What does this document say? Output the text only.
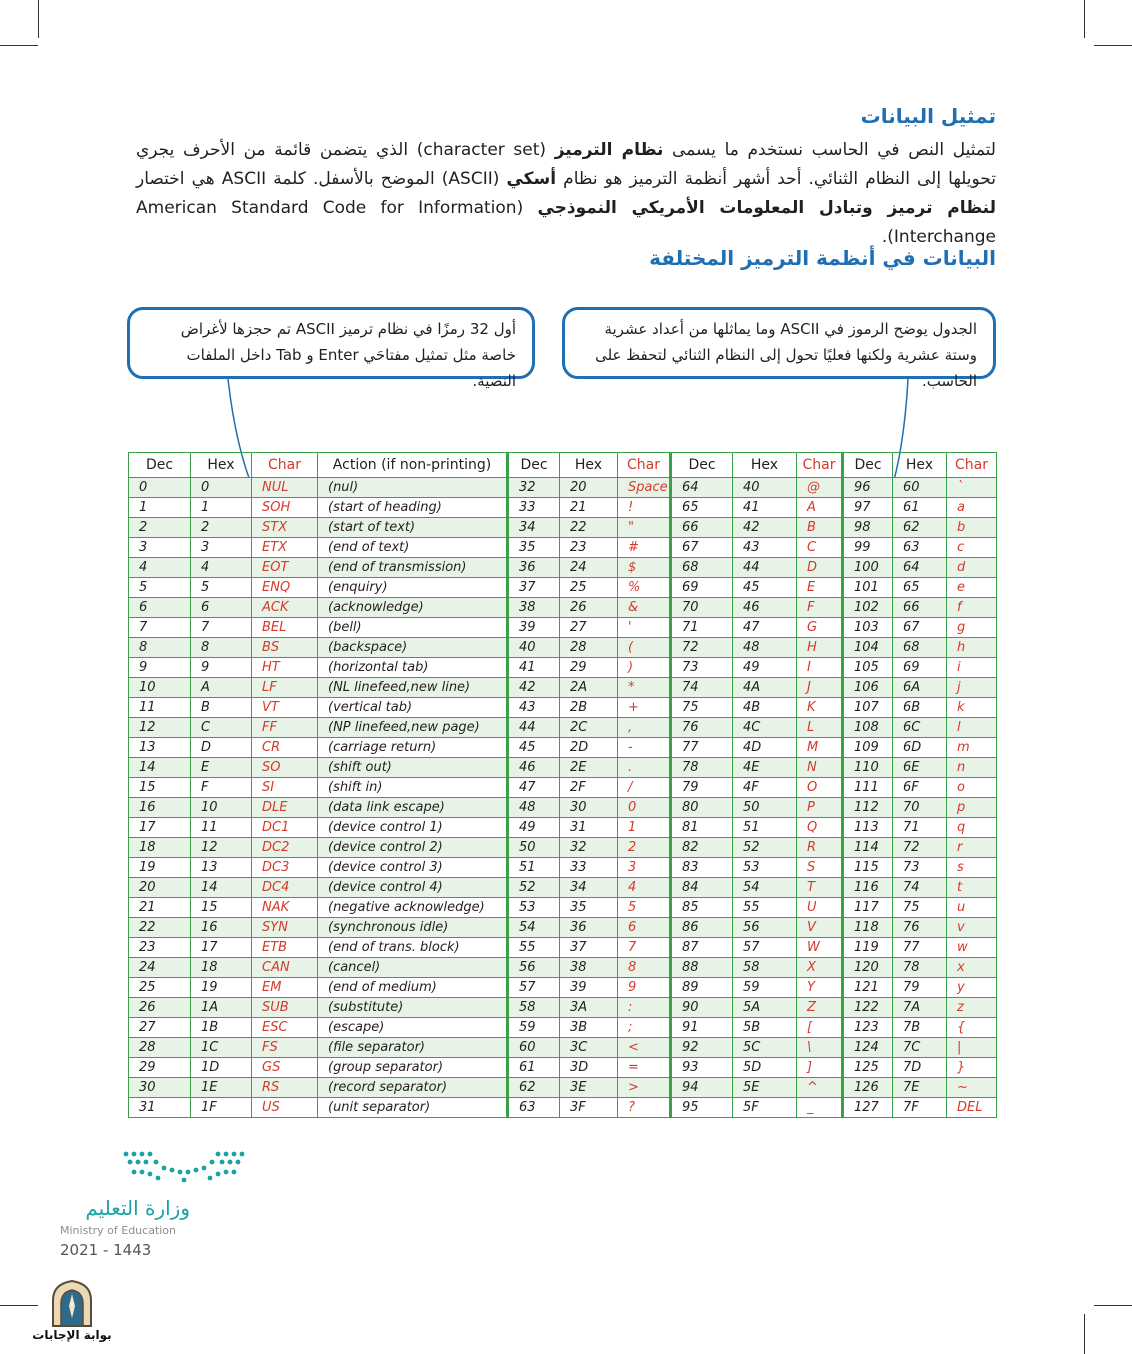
تمثيل البيانات
لتمثيل النص في الحاسب نستخدم ما يسمى نظام الترميز (character set) الذي يتضمن قائمة من الأحرف يجري تحويلها إلى النظام الثنائي. أحد أشهر أنظمة الترميز هو نظام أسكي (ASCII) الموضح بالأسفل. كلمة ASCII هي اختصار لنظام ترميز وتبادل المعلومات الأمريكي النموذجي (American Standard Code for Information Interchange).
البيانات في أنظمة الترميز المختلفة
أول 32 رمزًا في نظام ترميز ASCII تم حجزها لأغراض خاصة مثل تمثيل مفتاحَي Enter و Tab داخل الملفات النصية.
الجدول يوضح الرموز في ASCII وما يماثلها من أعداد عشرية وستة عشرية ولكنها فعليًا تحول إلى النظام الثنائي لتحفظ على الحاسب.
Dec	Hex	Char	Action (if non-printing)	Dec	Hex	Char	Dec	Hex	Char	Dec	Hex	Char
0	0	NUL	(nul)	32	20	Space	64	40	@	96	60	`
1	1	SOH	(start of heading)	33	21	!	65	41	A	97	61	a
2	2	STX	(start of text)	34	22	"	66	42	B	98	62	b
3	3	ETX	(end of text)	35	23	#	67	43	C	99	63	c
4	4	EOT	(end of transmission)	36	24	$	68	44	D	100	64	d
5	5	ENQ	(enquiry)	37	25	%	69	45	E	101	65	e
6	6	ACK	(acknowledge)	38	26	&	70	46	F	102	66	f
7	7	BEL	(bell)	39	27	'	71	47	G	103	67	g
8	8	BS	(backspace)	40	28	(	72	48	H	104	68	h
9	9	HT	(horizontal tab)	41	29	)	73	49	I	105	69	i
10	A	LF	(NL linefeed,new line)	42	2A	*	74	4A	J	106	6A	j
11	B	VT	(vertical tab)	43	2B	+	75	4B	K	107	6B	k
12	C	FF	(NP linefeed,new page)	44	2C	,	76	4C	L	108	6C	l
13	D	CR	(carriage return)	45	2D	-	77	4D	M	109	6D	m
14	E	SO	(shift out)	46	2E	.	78	4E	N	110	6E	n
15	F	SI	(shift in)	47	2F	/	79	4F	O	111	6F	o
16	10	DLE	(data link escape)	48	30	0	80	50	P	112	70	p
17	11	DC1	(device control 1)	49	31	1	81	51	Q	113	71	q
18	12	DC2	(device control 2)	50	32	2	82	52	R	114	72	r
19	13	DC3	(device control 3)	51	33	3	83	53	S	115	73	s
20	14	DC4	(device control 4)	52	34	4	84	54	T	116	74	t
21	15	NAK	(negative acknowledge)	53	35	5	85	55	U	117	75	u
22	16	SYN	(synchronous idle)	54	36	6	86	56	V	118	76	v
23	17	ETB	(end of trans. block)	55	37	7	87	57	W	119	77	w
24	18	CAN	(cancel)	56	38	8	88	58	X	120	78	x
25	19	EM	(end of medium)	57	39	9	89	59	Y	121	79	y
26	1A	SUB	(substitute)	58	3A	:	90	5A	Z	122	7A	z
27	1B	ESC	(escape)	59	3B	;	91	5B	[	123	7B	{
28	1C	FS	(file separator)	60	3C	<	92	5C	\	124	7C	|
29	1D	GS	(group separator)	61	3D	=	93	5D	]	125	7D	}
30	1E	RS	(record separator)	62	3E	>	94	5E	^	126	7E	~
31	1F	US	(unit separator)	63	3F	?	95	5F	_	127	7F	DEL
وزارة التعليم
Ministry of Education
2021 - 1443
بوابة الإجابات
